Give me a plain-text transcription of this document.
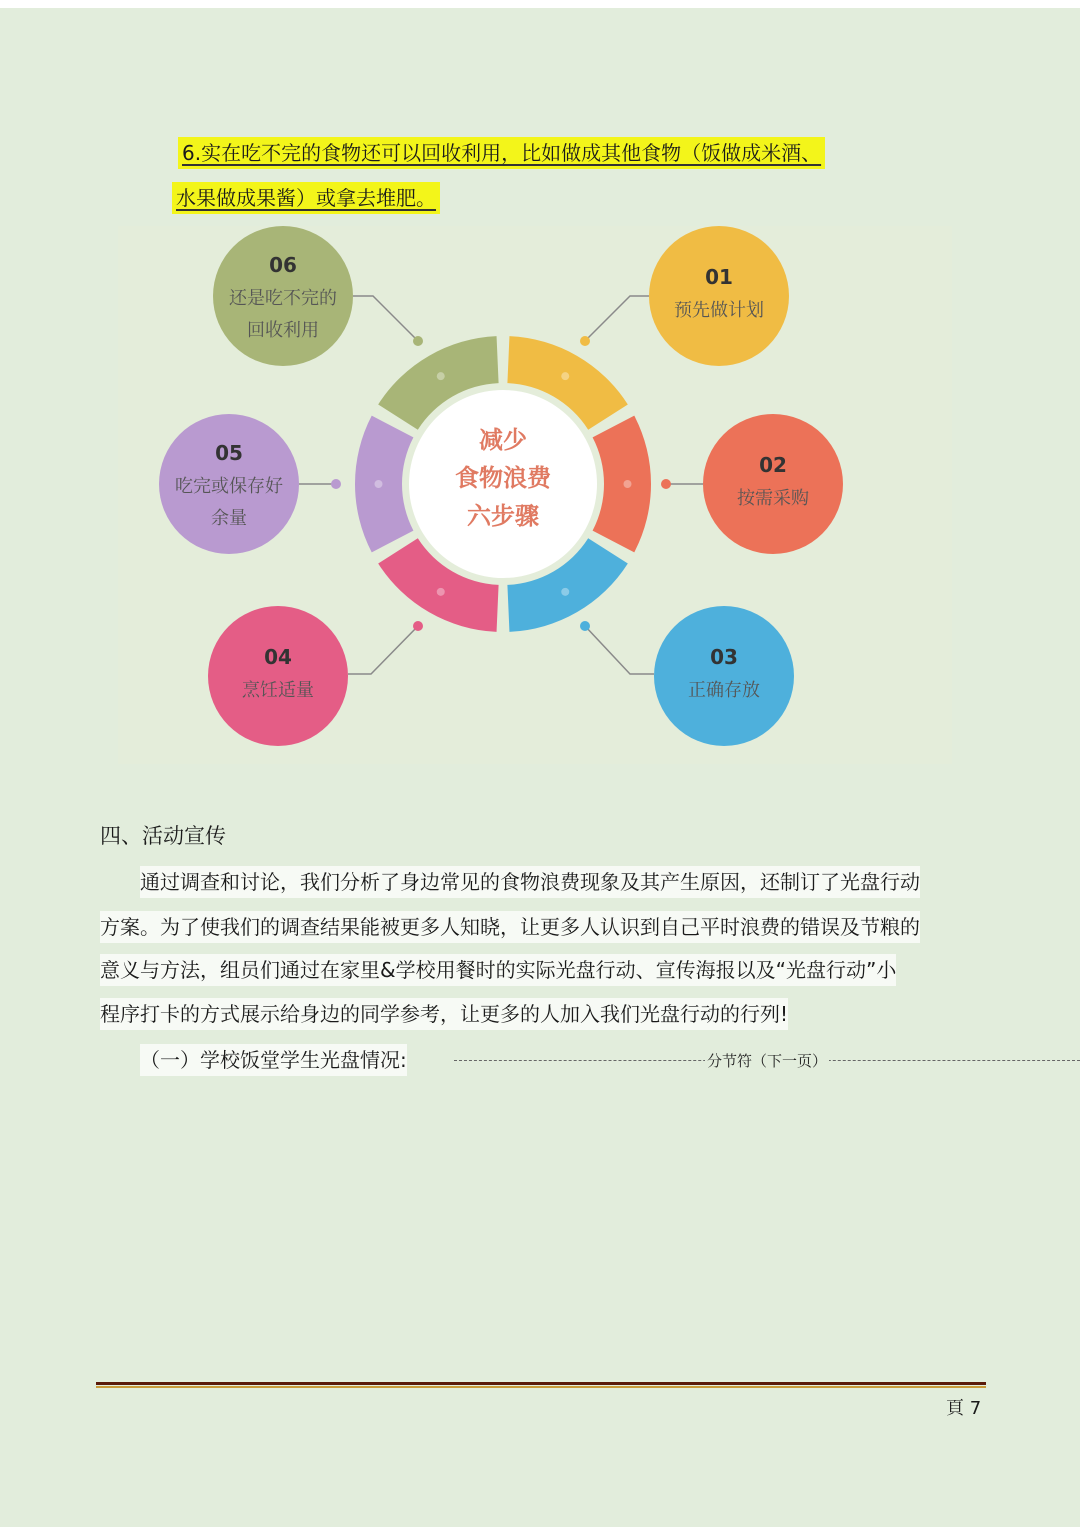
6.实在吃不完的食物还可以回收利用，比如做成其他食物（饭做成米酒、
水果做成果酱）或拿去堆肥。
减少
食物浪费
六步骤
01
预先做计划
02
按需采购
03
正确存放
04
烹饪适量
05
吃完或保存好
余量
06
还是吃不完的
回收利用
四、活动宣传
通过调查和讨论，我们分析了身边常见的食物浪费现象及其产生原因，还制订了光盘行动
方案。为了使我们的调查结果能被更多人知晓，让更多人认识到自己平时浪费的错误及节粮的
意义与方法，组员们通过在家里&学校用餐时的实际光盘行动、宣传海报以及“光盘行动”小
程序打卡的方式展示给身边的同学参考，让更多的人加入我们光盘行动的行列!
（一）学校饭堂学生光盘情况:	分节符（下一页）
頁 7
